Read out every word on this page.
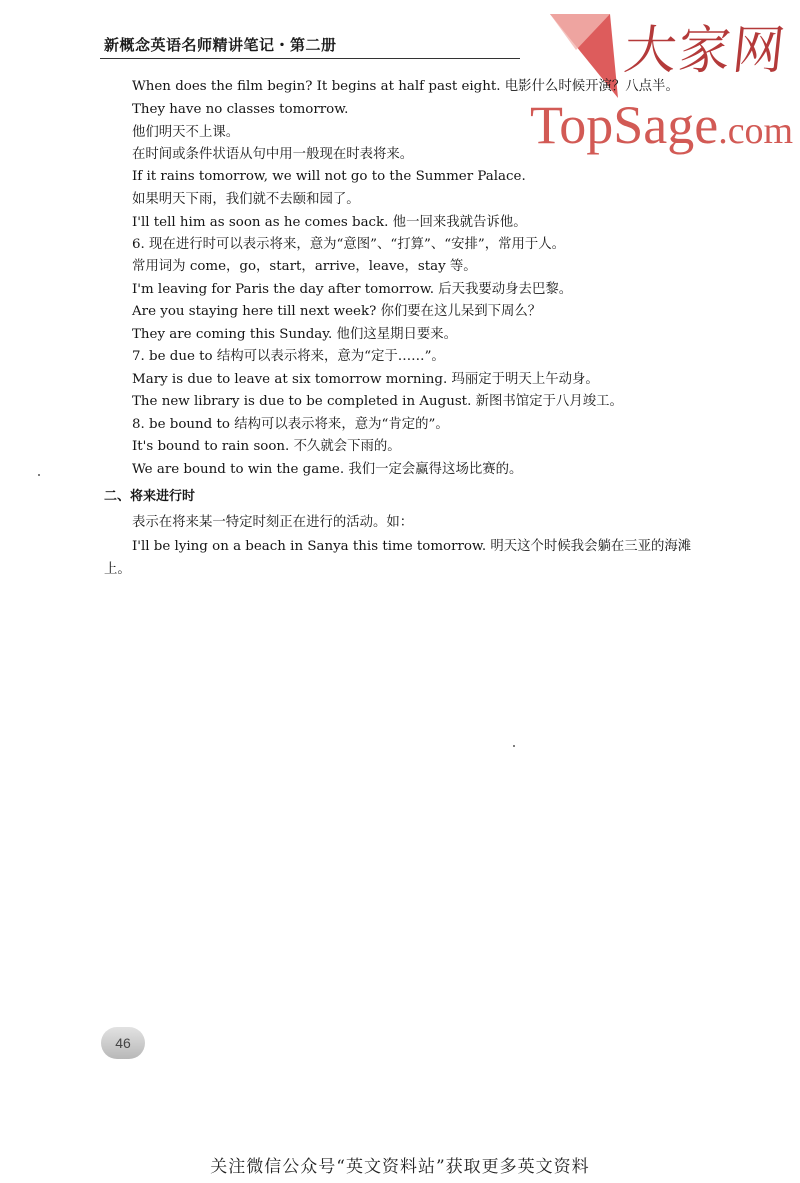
新概念英语名师精讲笔记・第二册	大家网
TopSage.com
When does the film begin? It begins at half past eight. 电影什么时候开演？八点半。
They have no classes tomorrow.
他们明天不上课。
在时间或条件状语从句中用一般现在时表将来。
If it rains tomorrow, we will not go to the Summer Palace.
如果明天下雨，我们就不去颐和园了。
I'll tell him as soon as he comes back. 他一回来我就告诉他。
6. 现在进行时可以表示将来，意为“意图”、“打算”、“安排”，常用于人。
常用词为 come，go，start，arrive，leave，stay 等。
I'm leaving for Paris the day after tomorrow. 后天我要动身去巴黎。
Are you staying here till next week? 你们要在这儿呆到下周么？
They are coming this Sunday. 他们这星期日要来。
7. be due to 结构可以表示将来，意为“定于……”。
Mary is due to leave at six tomorrow morning. 玛丽定于明天上午动身。
The new library is due to be completed in August. 新图书馆定于八月竣工。
8. be bound to 结构可以表示将来，意为“肯定的”。
It's bound to rain soon. 不久就会下雨的。
We are bound to win the game. 我们一定会赢得这场比赛的。
二、将来进行时
表示在将来某一特定时刻正在进行的活动。如：
I'll be lying on a beach in Sanya this time tomorrow. 明天这个时候我会躺在三亚的海滩
上。
46
关注微信公众号“英文资料站”获取更多英文资料
